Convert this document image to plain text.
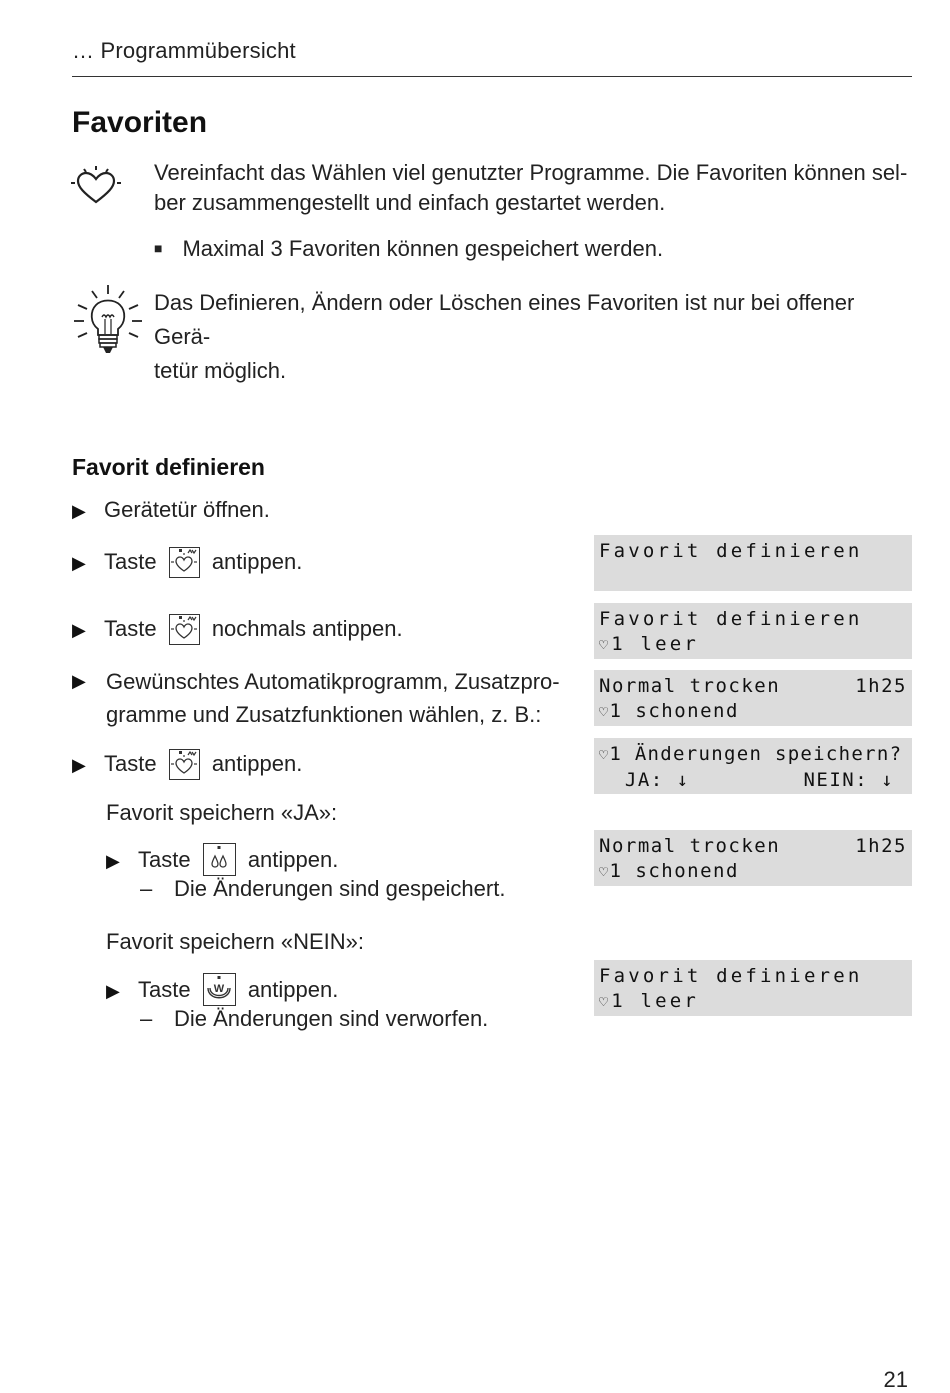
… Programmübersicht
Favoriten
Vereinfacht das Wählen viel genutzter Programme. Die Favoriten können sel-
ber zusammengestellt und einfach gestartet werden.
■ Maximal 3 Favoriten können gespeichert werden.
Das Definieren, Ändern oder Löschen eines Favoriten ist nur bei offener Gerä-
tetür möglich.
Favorit definieren
▶ Gerätetür öffnen.
▶ Taste	antippen.
▶ Taste	nochmals antippen.
▶ Gewünschtes Automatikprogramm, Zusatzpro-
gramme und Zusatzfunktionen wählen, z. B.:
▶ Taste	antippen.
Favorit speichern «JA»:
▶ Taste	antippen.
– Die Änderungen sind gespeichert.
Favorit speichern «NEIN»:
▶ Taste W antippen.
– Die Änderungen sind verworfen.
Favorit definieren
Favorit definieren
♡1 leer
Normal trocken	1h25
♡1 schonend
♡1 Änderungen speichern?
JA: ↓	NEIN: ↓
Normal trocken	1h25
♡1 schonend
Favorit definieren
♡1 leer
21
